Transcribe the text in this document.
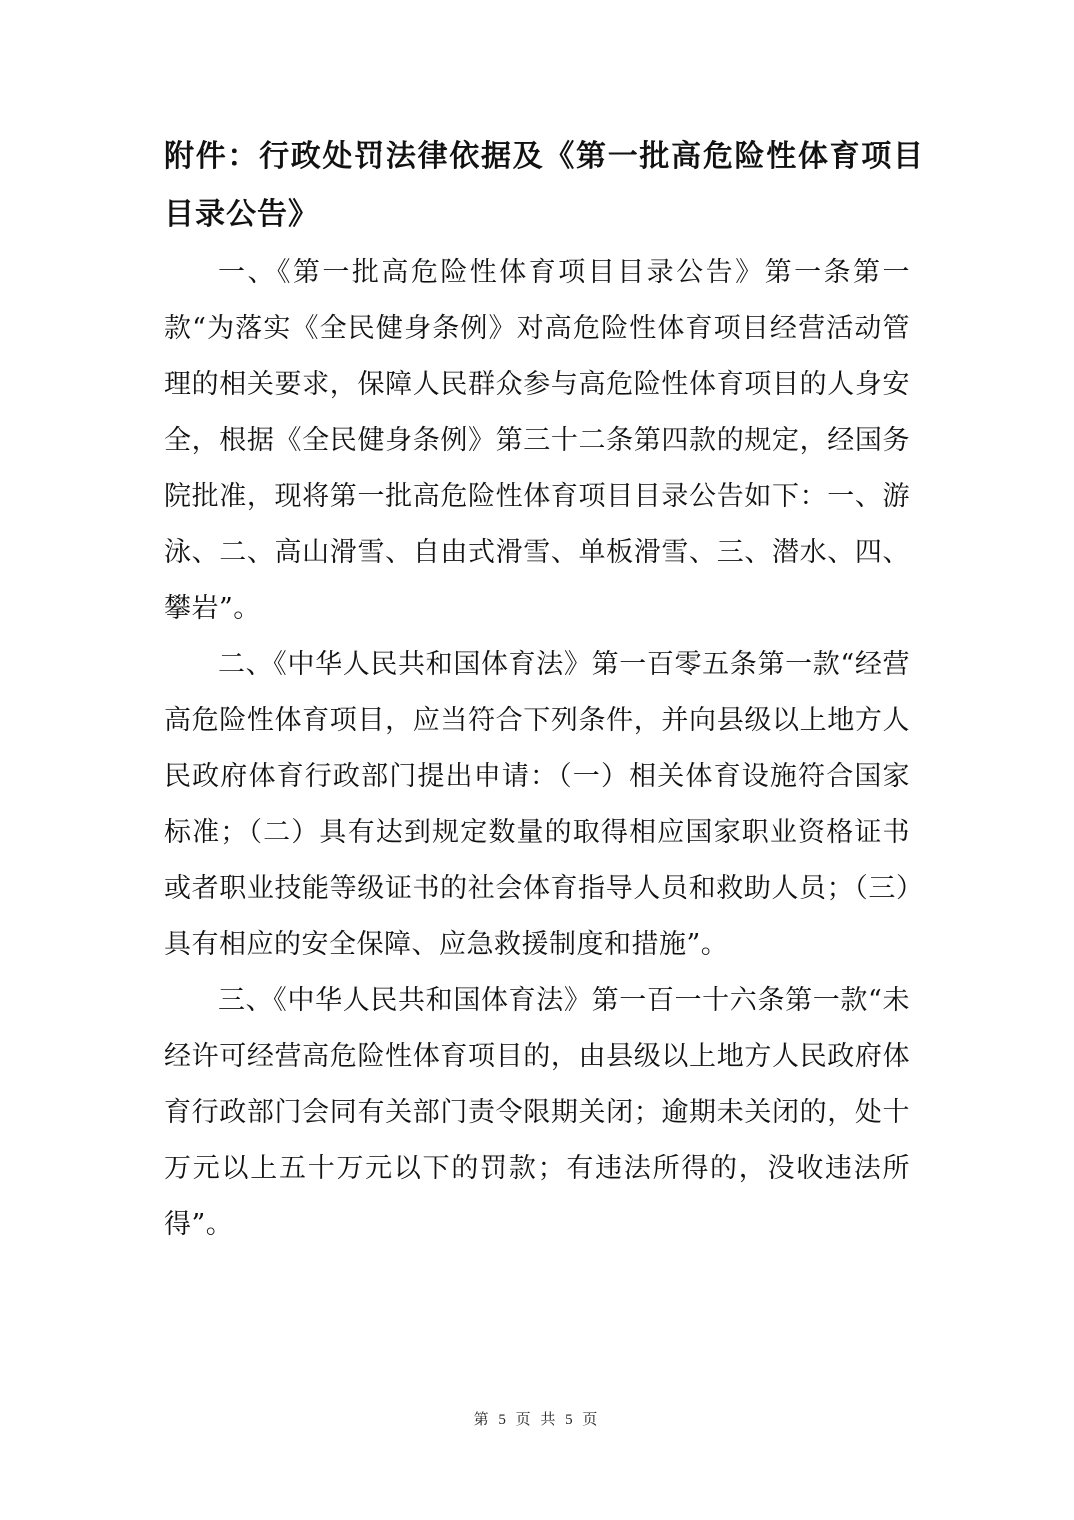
附件：行政处罚法律依据及《第一批高危险性体育项目目录公告》

一、《第一批高危险性体育项目目录公告》第一条第一款“为落实《全民健身条例》对高危险性体育项目经营活动管理的相关要求，保障人民群众参与高危险性体育项目的人身安全，根据《全民健身条例》第三十二条第四款的规定，经国务院批准，现将第一批高危险性体育项目目录公告如下：一、游泳、二、高山滑雪、自由式滑雪、单板滑雪、三、潜水、四、攀岩”。

二、《中华人民共和国体育法》第一百零五条第一款“经营高危险性体育项目，应当符合下列条件，并向县级以上地方人民政府体育行政部门提出申请：（一）相关体育设施符合国家标准；（二）具有达到规定数量的取得相应国家职业资格证书或者职业技能等级证书的社会体育指导人员和救助人员；（三）具有相应的安全保障、应急救援制度和措施”。

三、《中华人民共和国体育法》第一百一十六条第一款“未经许可经营高危险性体育项目的，由县级以上地方人民政府体育行政部门会同有关部门责令限期关闭；逾期未关闭的，处十万元以上五十万元以下的罚款；有违法所得的，没收违法所得”。

第 5 页 共 5 页
